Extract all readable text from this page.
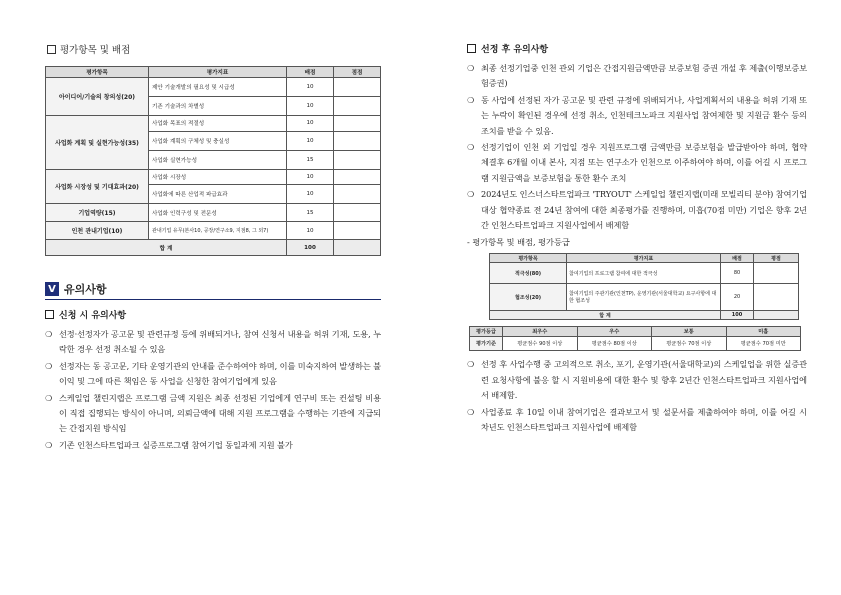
평가항목 및 배점
평가항목	평가지표	배점	점점
아이디어/기술의 창의성(20)	제안 기술개발의 필요성 및 시급성	10	
	기존 기술과의 차별성	10	
사업화 계획 및 실현가능성(35)	사업화 목표의 적절성	10	
	사업화 계획의 구체성 및 충실성	10	
	사업화 실현가능성	15	
사업화 시장성 및 기대효과(20)	사업화 시장성	10	
	사업화에 따른 산업적 파급효과	10	
기업역량(15)	사업화 인력구성 및 전문성	15	
인천 관내기업(10)	관내기업 유무(본사10, 공장/연구소9, 지점8, 그 외7)	10	
합 계		100	
V 유의사항
신청 시 유의사항
❍ 선정·선정자가 공고문 및 관련규정 등에 위배되거나, 참여 신청서 내용을 허위 기재, 도용, 누락한 경우 선정 취소될 수 있음
❍ 선정자는 동 공고문, 기타 운영기관의 안내를 준수하여야 하며, 이를 미숙지하여 발생하는 불이익 및 그에 따른 책임은 동 사업을 신청한 참여기업에게 있음
❍ 스케일업 챌린지랩은 프로그램 금액 지원은 최종 선정된 기업에게 연구비 또는 컨설팅 비용이 직접 집행되는 방식이 아니며, 의뢰금액에 대해 지원 프로그램을 수행하는 기관에 지급되는 간접지원 방식임
❍ 기존 인천스타트업파크 실증프로그램 참여기업 동일과제 지원 불가
선정 후 유의사항
❍ 최종 선정기업중 인천 관외 기업은 간접지원금액만큼 보증보험 증권 개설 후 제출(이행보증보험증권)
❍ 동 사업에 선정된 자가 공고문 및 관련 규정에 위배되거나, 사업계획서의 내용을 허위 기재 또는 누락이 확인된 경우에 선정 취소, 인천테크노파크 지원사업 참여제한 및 지원금 환수 등의 조치를 받을 수 있음.
❍ 선정기업이 인천 외 기업일 경우 지원프로그램 금액만큼 보증보험을 발급받아야 하며, 협약 체결후 6개월 이내 본사, 지점 또는 연구소가 인천으로 이주하여야 하며, 이를 어길 시 프로그램 지원금액을 보증보험을 통한 환수 조치
❍ 2024년도 인스너스타트업파크 'TRYOUT' 스케일업 챌린지랩(미래 모빌리티 분야) 참여기업대상 협약종료 전 24년 참여에 대한 최종평가를 진행하며, 미흡(70점 미만) 기업은 향후 2년간 인천스타트업파크 지원사업에서 배제함
- 평가항목 및 배점, 평가등급
평가항목	평가지표	배점	평점
적극성(80)	참여기업의 프로그램 참여에 대한 적극성	80	
협조성(20)	참여기업의 주관기관(인천TP), 운영기관(서울대학교) 요구사항에 대한 협조성	20	
합 계		100	
평가등급	최우수	우수	보통	미흡
평가기준	평균점수 90점 이상	평균점수 80점 이상	평균점수 70점 이상	평균점수 70점 미만
❍ 선정 후 사업수행 중 고의적으로 취소, 포기, 운영기관(서울대학교)의 스케일업을 위한 실증관련 요청사항에 불응 할 시 지원비용에 대한 환수 및 향후 2년간 인천스타트업파크 지원사업에서 배제함.
❍ 사업종료 후 10일 이내 참여기업은 결과보고서 및 설문서를 제출하여야 하며, 이를 어길 시 차년도 인천스타트업파크 지원사업에 배제함
